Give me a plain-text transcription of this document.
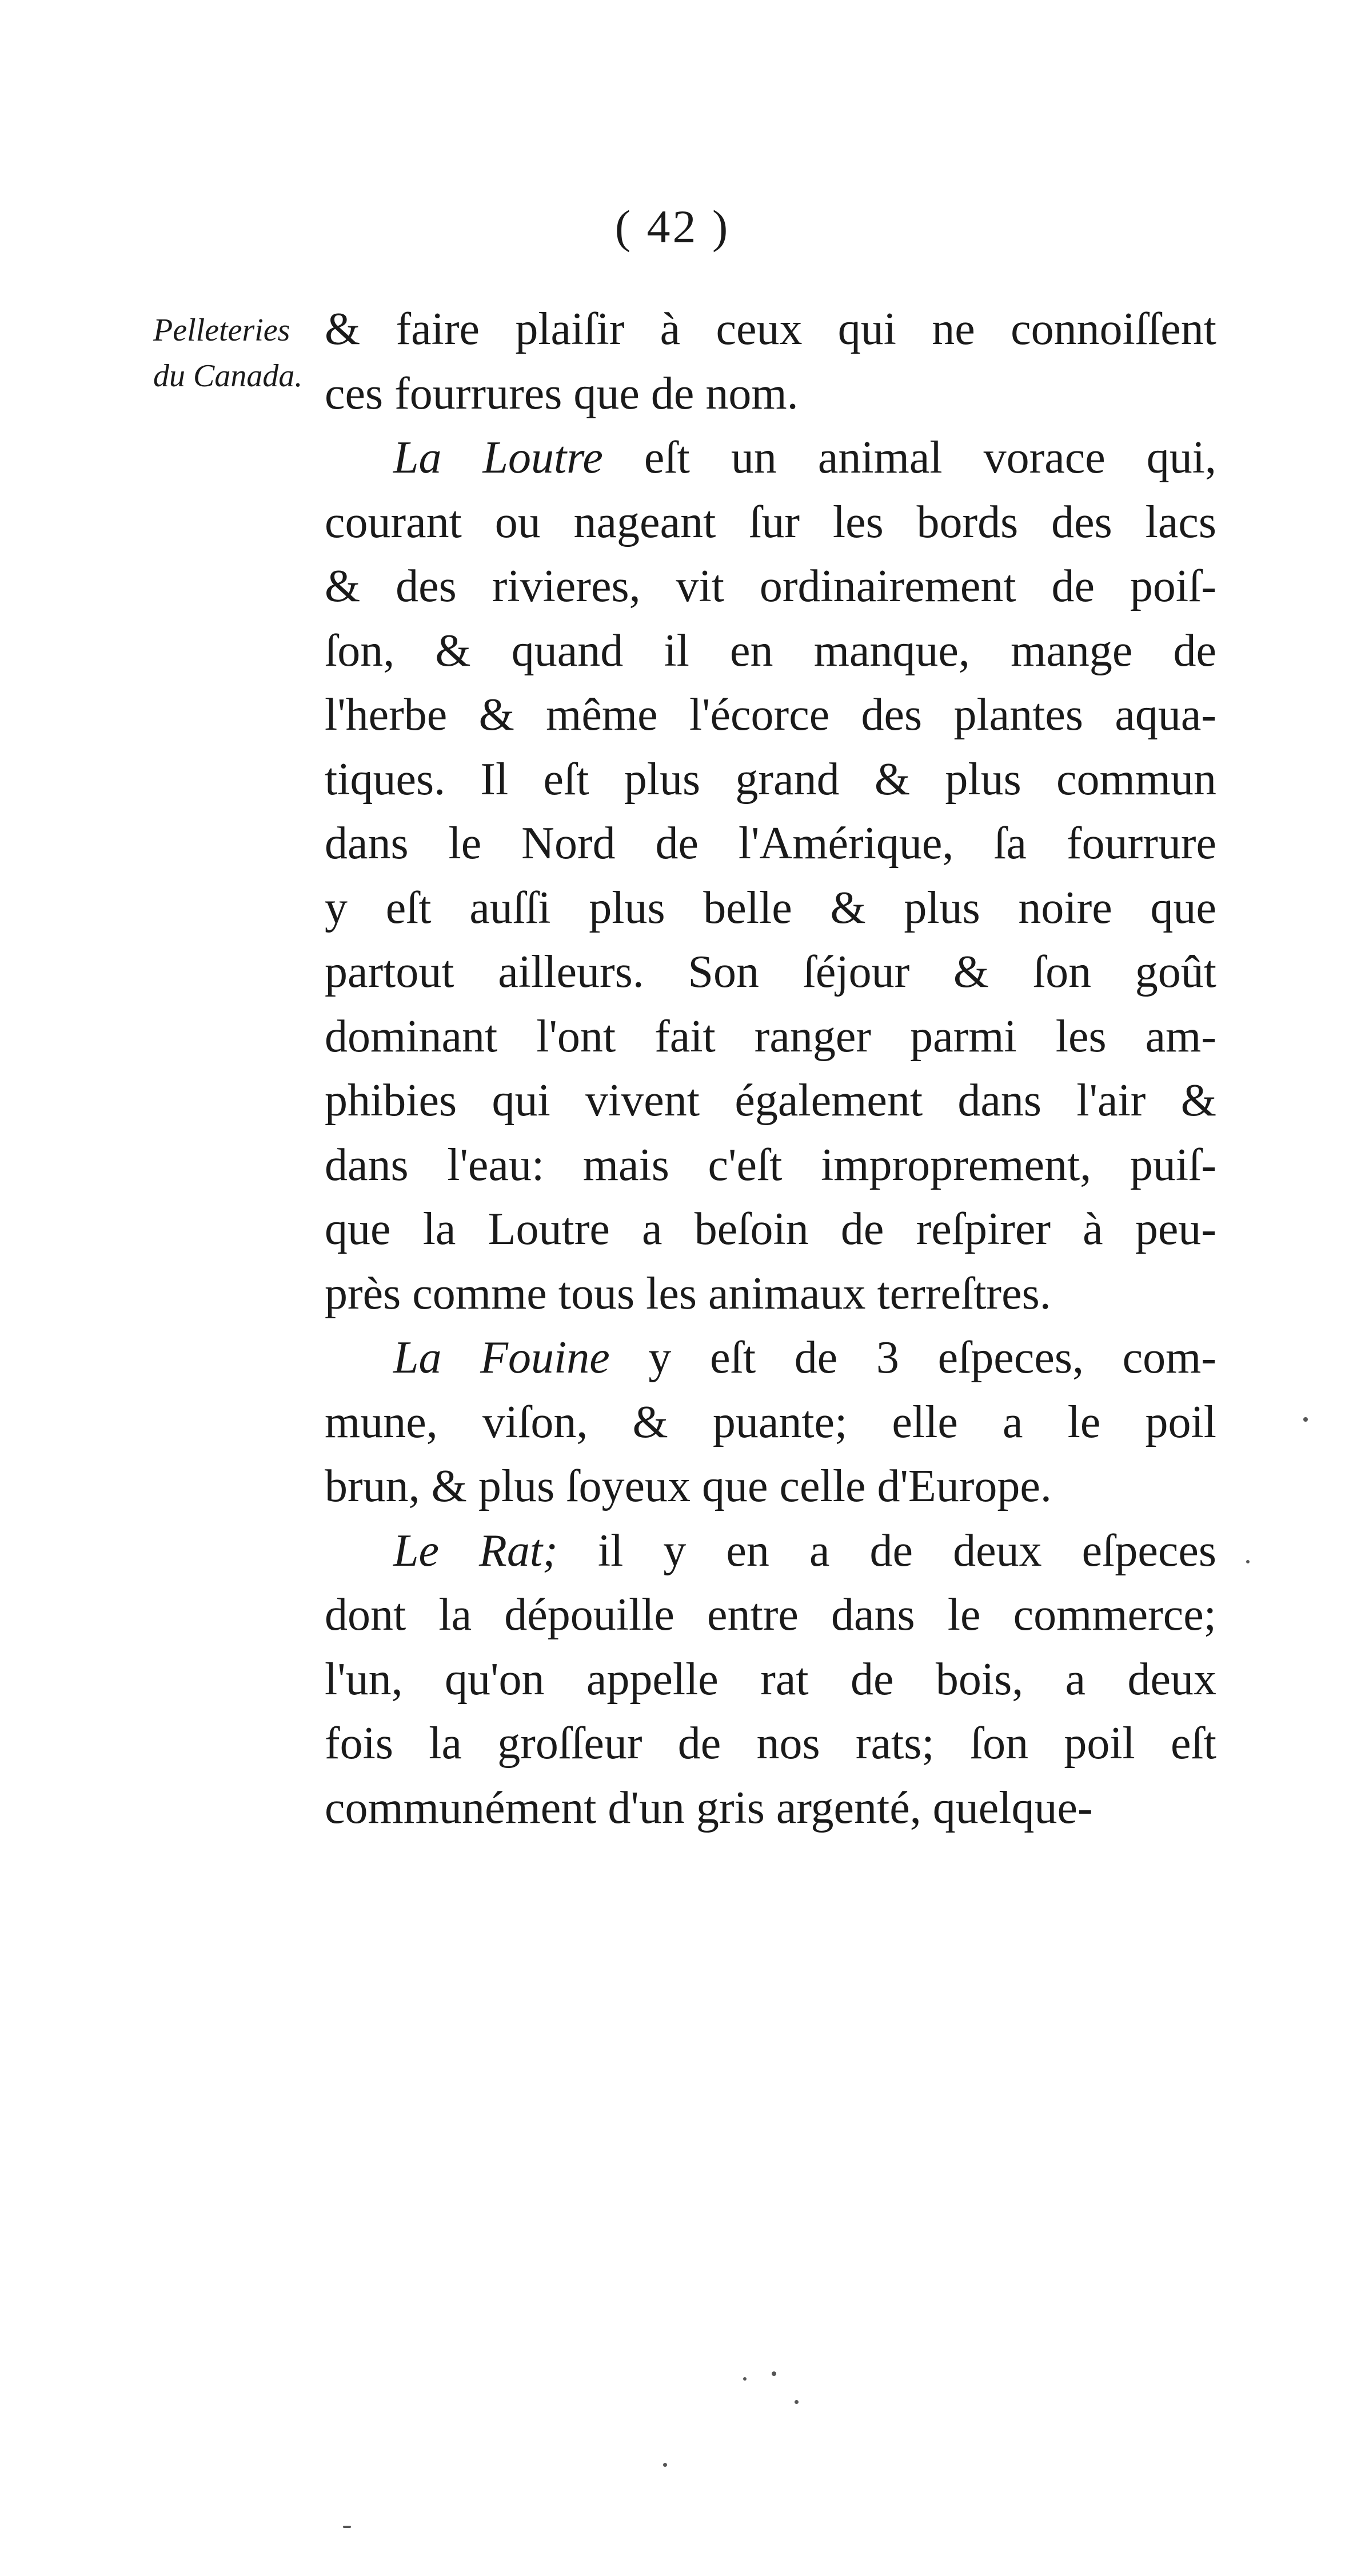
( 42 )
Pelleteries
du Canada.
& faire plaiſir à ceux qui ne connoiſſent
ces fourrures que de nom.
La Loutre eſt un animal vorace qui,
courant ou nageant ſur les bords des lacs
& des rivieres, vit ordinairement de poiſ-
ſon, & quand il en manque, mange de
l'herbe & même l'écorce des plantes aqua-
tiques. Il eſt plus grand & plus commun
dans le Nord de l'Amérique, ſa fourrure
y eſt auſſi plus belle & plus noire que
partout ailleurs. Son ſéjour & ſon goût
dominant l'ont fait ranger parmi les am-
phibies qui vivent également dans l'air &
dans l'eau: mais c'eſt improprement, puiſ-
que la Loutre a beſoin de reſpirer à peu-
près comme tous les animaux terreſtres.
La Fouine y eſt de 3 eſpeces, com-
mune, viſon, & puante; elle a le poil
brun, & plus ſoyeux que celle d'Europe.
Le Rat; il y en a de deux eſpeces
dont la dépouille entre dans le commerce;
l'un, qu'on appelle rat de bois, a deux
fois la groſſeur de nos rats; ſon poil eſt
communément d'un gris argenté, quelque-
